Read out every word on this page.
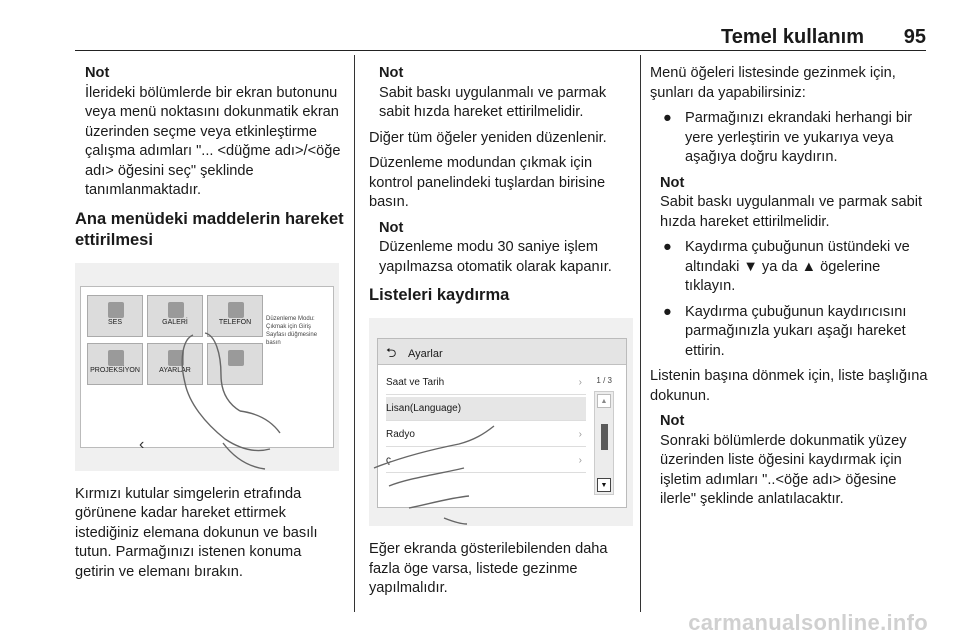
Temel kullanım 95
Not
İlerideki bölümlerde bir ekran butonunu veya menü noktasını dokunmatik ekran üzerinden seçme veya etkinleştirme çalışma adımları "... <düğme adı>/<öğe adı> öğesini seç" şeklinde tanımlanmaktadır.
Ana menüdeki maddelerin hareket ettirilmesi
SES	GALERİ	TELEFON
PROJEKSİYON	AYARLAR
Düzenleme Modu: Çıkmak için Giriş Sayfası düğmesine basın
‹
Kırmızı kutular simgelerin etrafında görünene kadar hareket ettirmek istediğiniz elemana dokunun ve basılı tutun. Parmağınızı istenen konuma getirin ve elemanı bırakın.
Not
Sabit baskı uygulanmalı ve parmak sabit hızda hareket ettirilmelidir.
Diğer tüm öğeler yeniden düzenlenir.
Düzenleme modundan çıkmak için kontrol panelindeki tuşlardan birisine basın.
Not
Düzenleme modu 30 saniye işlem yapılmazsa otomatik olarak kapanır.
Listeleri kaydırma
⮌ Ayarlar
1 / 3
Saat ve Tarih	›
Lisan(Language)
Radyo	›
ç	›
▲
▼
Eğer ekranda gösterilebilenden daha fazla öge varsa, listede gezinme yapılmalıdır.
Menü öğeleri listesinde gezinmek için, şunları da yapabilirsiniz:
● Parmağınızı ekrandaki herhangi bir yere yerleştirin ve yukarıya veya aşağıya doğru kaydırın.
Not
Sabit baskı uygulanmalı ve parmak sabit hızda hareket ettirilmelidir.
● Kaydırma çubuğunun üstündeki ve altındaki ▼ ya da ▲ ögelerine tıklayın.
● Kaydırma çubuğunun kaydırıcısını parmağınızla yukarı aşağı hareket ettirin.
Listenin başına dönmek için, liste başlığına dokunun.
Not
Sonraki bölümlerde dokunmatik yüzey üzerinden liste öğesini kaydırmak için işletim adımları "..<öğe adı> öğesine ilerle" şeklinde anlatılacaktır.
carmanualsonline.info
